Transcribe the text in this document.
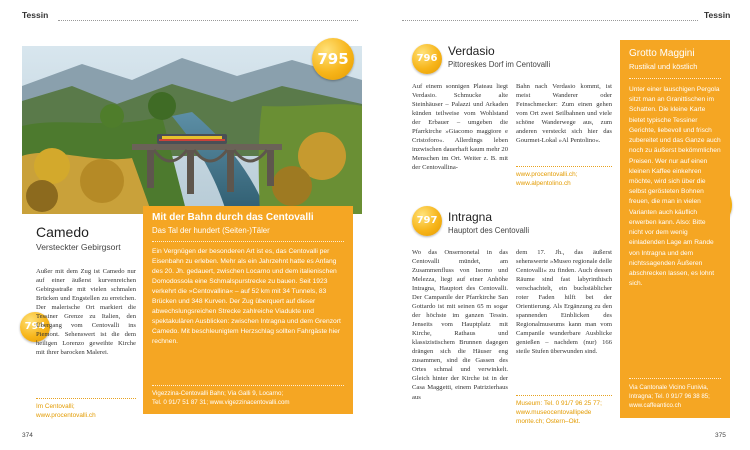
Tessin	Tessin
795
794
796
797
Camedo
Versteckter Gebirgsort
Außer mit dem Zug ist Camedo nur auf einer äußerst kurvenreichen Gebirgsstraße mit vielen schmalen Brücken und Engstellen zu erreichen. Der malerische Ort markiert die Tessiner Grenze zu Italien, den Übergang vom Centovalli ins Piemont. Sehenswert ist die dem heiligen Lorenzo geweihte Kirche mit ihrer barocken Malerei.
Im Centovalli;
www.procentovalli.ch
Mit der Bahn durch das Centovalli
Das Tal der hundert (Seiten-)Täler
Ein Vergnügen der besonderen Art ist es, das Centovalli per Eisenbahn zu erleben. Mehr als ein Jahrzehnt hatte es Anfang des 20. Jh. gedauert, zwischen Locarno und dem italienischen Domodossola eine Schmalspurstrecke zu bauen. Seit 1923 verkehrt die »Centovallina« – auf 52 km mit 34 Tunnels, 83 Brücken und 348 Kurven. Der Zug überquert auf dieser abwechslungsreichen Strecke zahlreiche Viadukte und spektakulären Ausblicken: zwischen Intragna und dem Grenzort Camedo. Mit beschleunigtem Herzschlag sollten Fahrgäste hier rechnen.
Vigezzina-Centovalli Bahn; Via Galli 9, Locarno;
Tel. 0 91/7 51 87 31; www.vigezzinacentovalli.com
374
Verdasio
Pittoreskes Dorf im Centovalli
Auf einem sonnigen Plateau liegt Verdasio. Schmucke alte Steinhäuser – Palazzi und Arkaden künden teilweise vom Wohlstand der Erbauer – umgeben die Pfarrkirche »Giacomo maggiore e Cristoforo«. Allerdings leben inzwischen dauerhaft kaum mehr 20 Menschen im Ort. Weiter z. B. mit der Centovallina-
Bahn nach Verdasio kommt, ist meist Wanderer oder Feinschmecker: Zum einen gehen vom Ort zwei Seilbahnen und viele schöne Wanderwege aus, zum anderen versteckt sich hier das Gourmet-Lokal »Al Pentolino«.
www.procentovalli.ch;
www.alpentolino.ch
Intragna
Hauptort des Centovalli
Wo das Onsernonetal in das Centovalli mündet, am Zusammenfluss von Isorno und Melezza, liegt auf einer Anhöhe Intragna, Hauptort des Centovalli. Der Campanile der Pfarrkirche San Gottardo ist mit seinen 65 m sogar der höchste im ganzen Tessin. Jenseits vom Hauptplatz mit Kirche, Rathaus und klassizistischem Brunnen dagegen drängen sich die Häuser eng zusammen, sind die Gassen des Ortes schmal und verwinkelt. Gleich hinter der Kirche ist in der Casa Maggetti, einem Patrizierhaus aus
dem 17. Jh., das äußerst sehenswerte »Museo regionale delle Centovalli« zu finden. Auch dessen Räume sind fast labyrinthisch verschachtelt, ein buchstäblicher roter Faden hilft bei der Orientierung. Als Ergänzung zu den spannenden Einblicken des Regionalmuseums kann man vom Campanile wunderbare Ausblicke genießen – nachdem (nur) 166 steile Stufen überwunden sind.
Museum: Tel. 0 91/7 96 25 77;
www.museocentovallipede
monte.ch; Ostern–Okt.
Grotto Maggini
Rustikal und köstlich
Unter einer lauschigen Pergola sitzt man an Granittischen im Schatten. Die kleine Karte bietet typische Tessiner Gerichte, liebevoll und frisch zubereitet und das Ganze auch noch zu äußerst bekömmlichen Preisen. Wer nur auf einen kleinen Kaffee einkehren möchte, wird sich über die selbst gerösteten Bohnen freuen, die man in vielen Varianten auch käuflich erwerben kann. Also: Bitte nicht vor dem wenig einladenden Lage am Rande von Intragna und dem nichtssagenden Äußeren abschrecken lassen, es lohnt sich.
Via Cantonale Vicino Funivia,
Intragna; Tel. 0 91/7 96 38 85;
www.caffeantico.ch
375
